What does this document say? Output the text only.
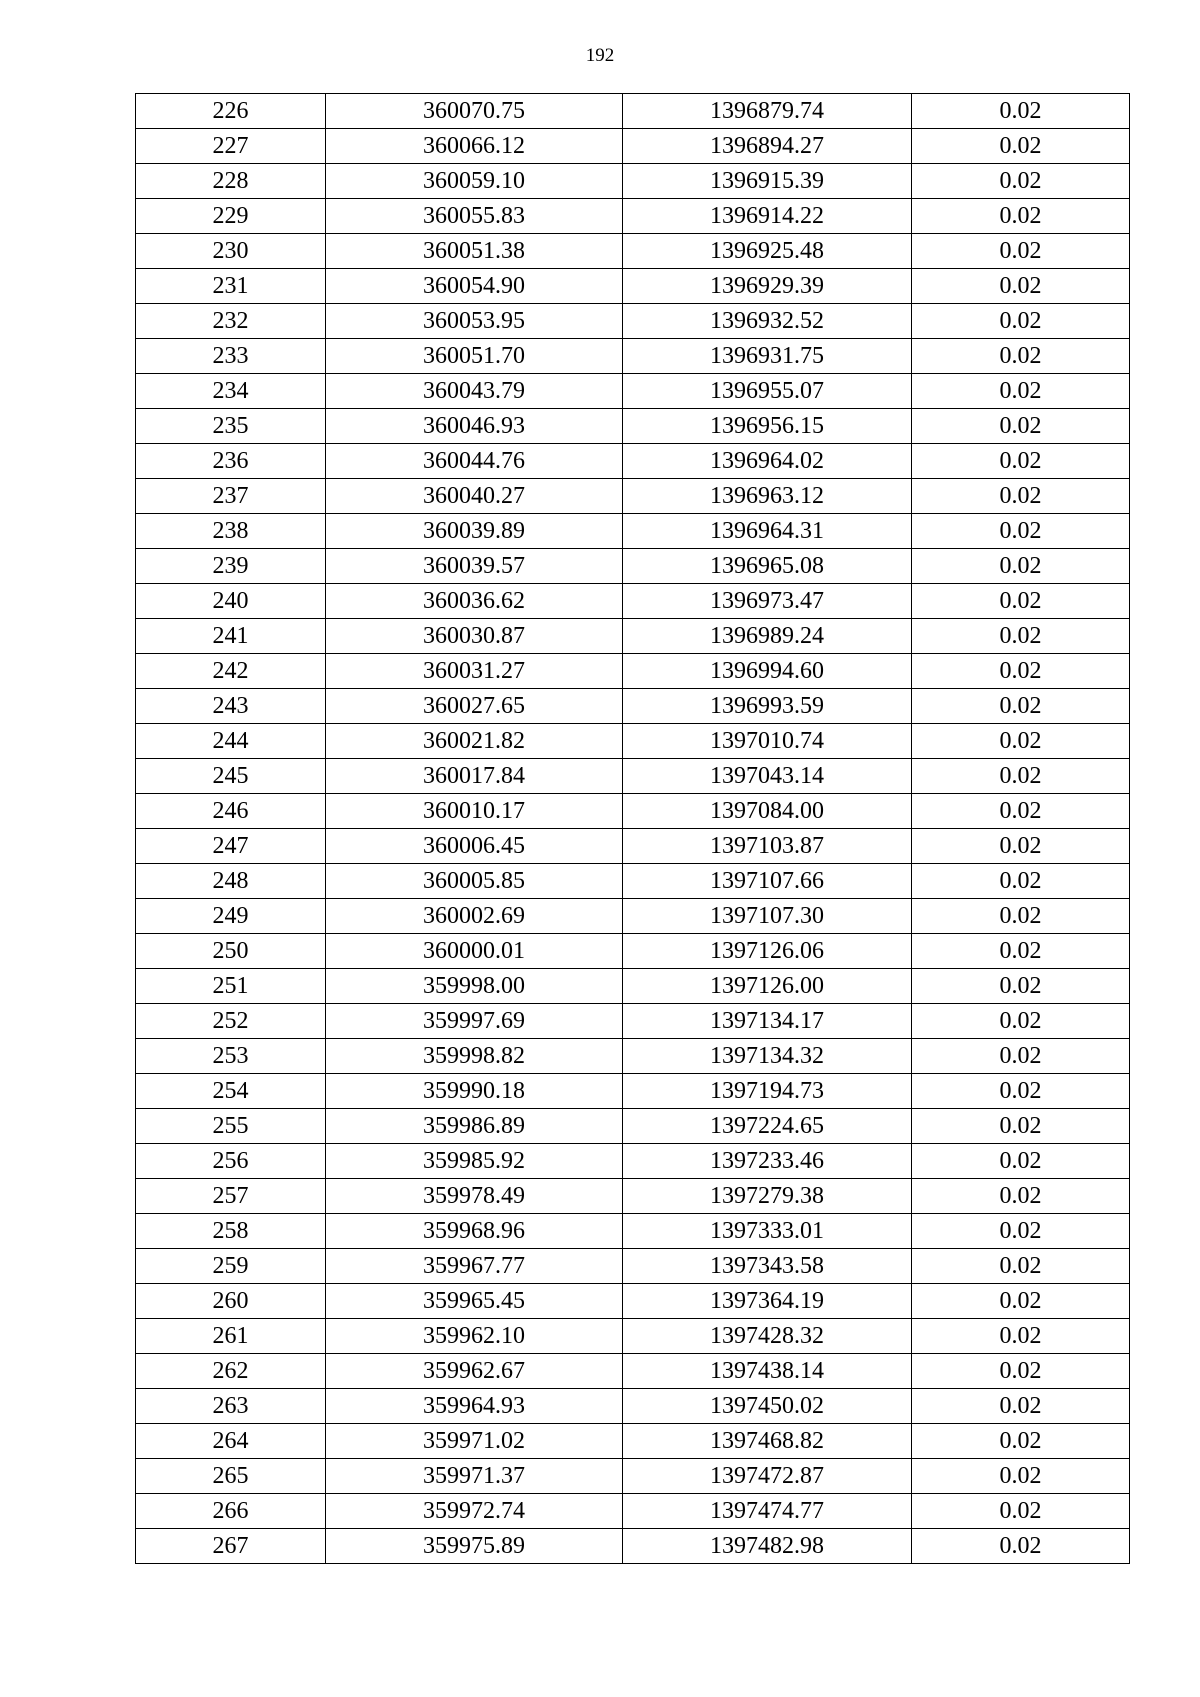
192
226	360070.75	1396879.74	0.02
227	360066.12	1396894.27	0.02
228	360059.10	1396915.39	0.02
229	360055.83	1396914.22	0.02
230	360051.38	1396925.48	0.02
231	360054.90	1396929.39	0.02
232	360053.95	1396932.52	0.02
233	360051.70	1396931.75	0.02
234	360043.79	1396955.07	0.02
235	360046.93	1396956.15	0.02
236	360044.76	1396964.02	0.02
237	360040.27	1396963.12	0.02
238	360039.89	1396964.31	0.02
239	360039.57	1396965.08	0.02
240	360036.62	1396973.47	0.02
241	360030.87	1396989.24	0.02
242	360031.27	1396994.60	0.02
243	360027.65	1396993.59	0.02
244	360021.82	1397010.74	0.02
245	360017.84	1397043.14	0.02
246	360010.17	1397084.00	0.02
247	360006.45	1397103.87	0.02
248	360005.85	1397107.66	0.02
249	360002.69	1397107.30	0.02
250	360000.01	1397126.06	0.02
251	359998.00	1397126.00	0.02
252	359997.69	1397134.17	0.02
253	359998.82	1397134.32	0.02
254	359990.18	1397194.73	0.02
255	359986.89	1397224.65	0.02
256	359985.92	1397233.46	0.02
257	359978.49	1397279.38	0.02
258	359968.96	1397333.01	0.02
259	359967.77	1397343.58	0.02
260	359965.45	1397364.19	0.02
261	359962.10	1397428.32	0.02
262	359962.67	1397438.14	0.02
263	359964.93	1397450.02	0.02
264	359971.02	1397468.82	0.02
265	359971.37	1397472.87	0.02
266	359972.74	1397474.77	0.02
267	359975.89	1397482.98	0.02
